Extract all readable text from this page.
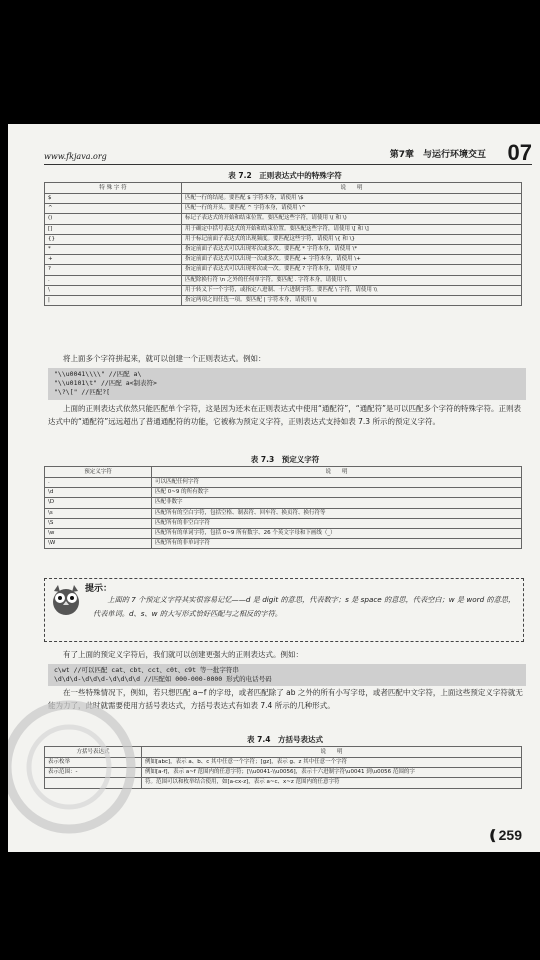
www.fkjava.org	第7章　与运行环境交互 07
表 7.2　正则表达式中的特殊字符
特 殊 字 符	说　　明
$	匹配一行的结尾。要匹配 $ 字符本身，请使用 \$
^	匹配一行的开头。要匹配 ^ 字符本身，请使用 \^
()	标记子表达式的开始和结束位置。要匹配这些字符，请使用 \( 和 \)
[]	用于确定中括号表达式的开始和结束位置。要匹配这些字符，请使用 \[ 和 \]
{}	用于标记前面子表达式的出现频度。要匹配这些字符，请使用 \{ 和 \}
*	指定前面子表达式可以出现零次或多次。要匹配 * 字符本身，请使用 \*
+	指定前面子表达式可以出现一次或多次。要匹配 + 字符本身，请使用 \+
?	指定前面子表达式可以出现零次或一次。要匹配 ? 字符本身，请使用 \?
.	匹配除换行符 \n 之外的任何单字符。要匹配 . 字符本身，请使用 \.
\	用于转义下一个字符，或指定八进制、十六进制字符。要匹配 \ 字符，请使用 \\
|	指定两项之间任选一项。要匹配 | 字符本身，请使用 \|
将上面多个字符拼起来，就可以创建一个正则表达式。例如：
"\\u0041\\\\" //匹配 a\
"\\u0101\t" //匹配 a<制表符>
"\?\[" //匹配?[
上面的正则表达式依然只能匹配单个字符，这是因为还未在正则表达式中使用“通配符”，“通配符”是可以匹配多个字符的特殊字符。正则表达式中的“通配符”远远超出了普通通配符的功能，它被称为预定义字符，正则表达式支持如表 7.3 所示的预定义字符。
表 7.3　预定义字符
预定义字符	说　　明
.	可以匹配任何字符
\d	匹配 0~9 的所有数字
\D	匹配非数字
\s	匹配所有的空白字符，包括空格、制表符、回车符、换页符、换行符等
\S	匹配所有的非空白字符
\w	匹配所有的单词字符，包括 0~9 所有数字、26 个英文字母和下画线（_）
\W	匹配所有的非单词字符
提示：
上面的 7 个预定义字符其实很容易记忆——d 是 digit 的意思，代表数字；s 是 space 的意思，代表空白；w 是 word 的意思，代表单词。d、s、w 的大写形式恰好匹配与之相反的字符。
有了上面的预定义字符后，我们就可以创建更强大的正则表达式。例如：
c\wt //可以匹配 cat、cbt、cct、c0t、c9t 等一批字符串
\d\d\d-\d\d\d-\d\d\d\d //匹配如 000-000-0000 形式的电话号码
在一些特殊情况下，例如，若只想匹配 a~f 的字母，或者匹配除了 ab 之外的所有小写字母，或者匹配中文字符，上面这些预定义字符就无能为力了，此时就需要使用方括号表达式，方括号表达式有如表 7.4 所示的几种形式。
表 7.4　方括号表达式
方括号表达式	说　　明
表示枚举	例如[abc]，表示 a、b、c 其中任意一个字符；[gz]，表示 g、z 其中任意一个字符
表示范围：-	例如[a-f]，表示 a~f 范围内的任意字符；[\\u0041-\\u0056]，表示十六进制字符\u0041 到\u0056 范围的字
	符。范围可以和枚举结合使用，如[a-cx-z]，表示 a~c、x~z 范围内的任意字符
❪259
